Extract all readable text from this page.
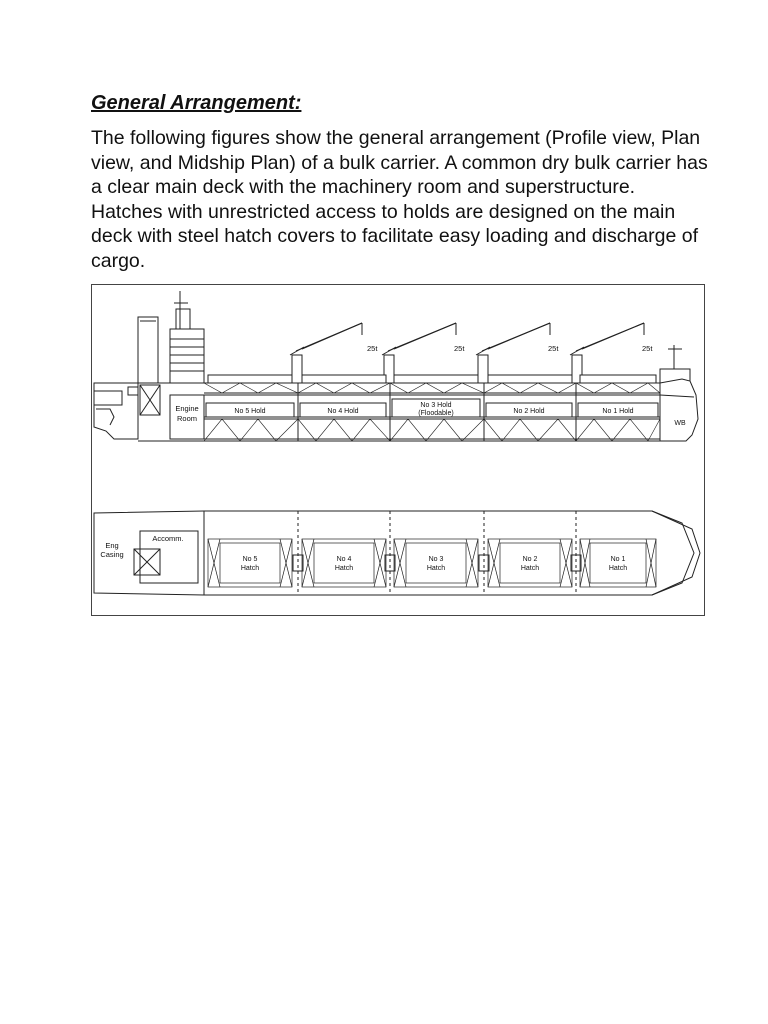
General Arrangement:

The following figures show the general arrangement (Profile view, Plan view, and Midship Plan) of a bulk carrier. A common dry bulk carrier has a clear main deck with the machinery room and superstructure. Hatches with unrestricted access to holds are designed on the main deck with steel hatch covers to facilitate easy loading and discharge of cargo.

Engine
Room
No 5 Hold	No 4 Hold
No 3 Hold
(Floodable)	No 2 Hold	No 1 Hold
WB
25t	25t	25t	25t
Eng
Casing
Accomm.
No 5
Hatch
No 4
Hatch
No 3
Hatch
No 2
Hatch
No 1
Hatch
